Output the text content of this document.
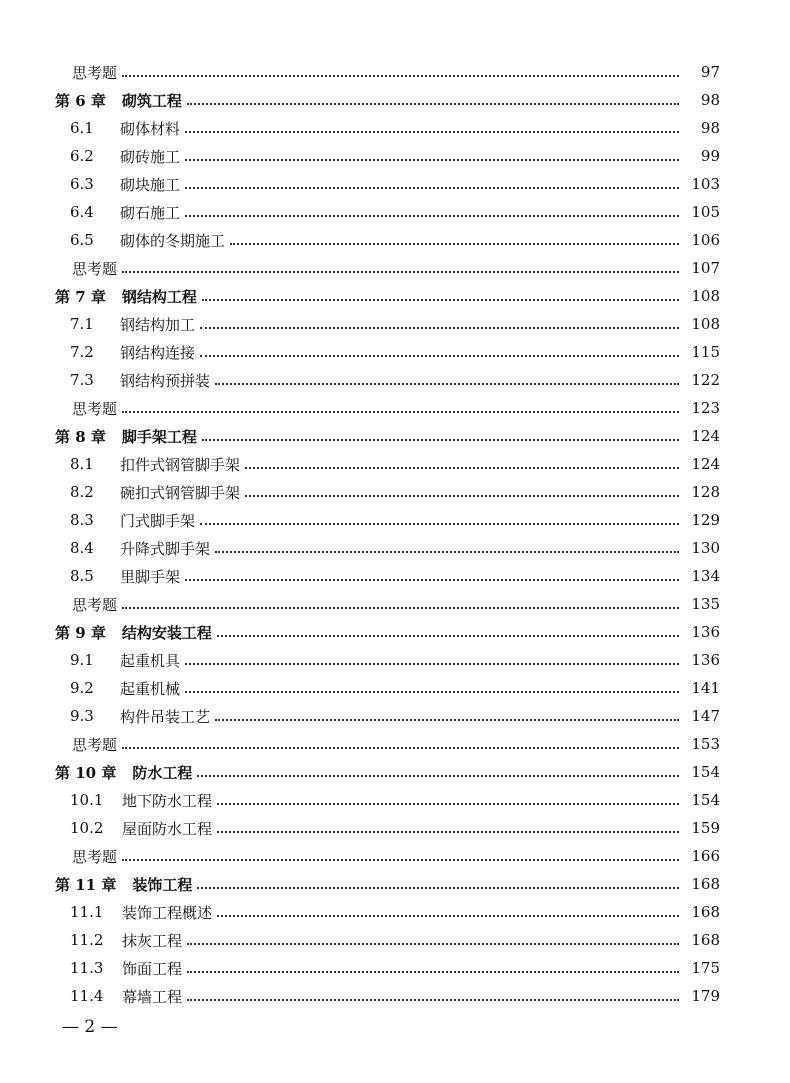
思考题	97
第 6 章 砌筑工程	98
6.1	砌体材料	98
6.2	砌砖施工	99
6.3	砌块施工	103
6.4	砌石施工	105
6.5	砌体的冬期施工	106
思考题	107
第 7 章 钢结构工程	108
7.1	钢结构加工	108
7.2	钢结构连接	115
7.3	钢结构预拼装	122
思考题	123
第 8 章 脚手架工程	124
8.1	扣件式钢管脚手架	124
8.2	碗扣式钢管脚手架	128
8.3	门式脚手架	129
8.4	升降式脚手架	130
8.5	里脚手架	134
思考题	135
第 9 章 结构安装工程	136
9.1	起重机具	136
9.2	起重机械	141
9.3	构件吊装工艺	147
思考题	153
第 10 章 防水工程	154
10.1	地下防水工程	154
10.2	屋面防水工程	159
思考题	166
第 11 章 装饰工程	168
11.1	装饰工程概述	168
11.2	抹灰工程	168
11.3	饰面工程	175
11.4	幕墙工程	179
— 2 —
